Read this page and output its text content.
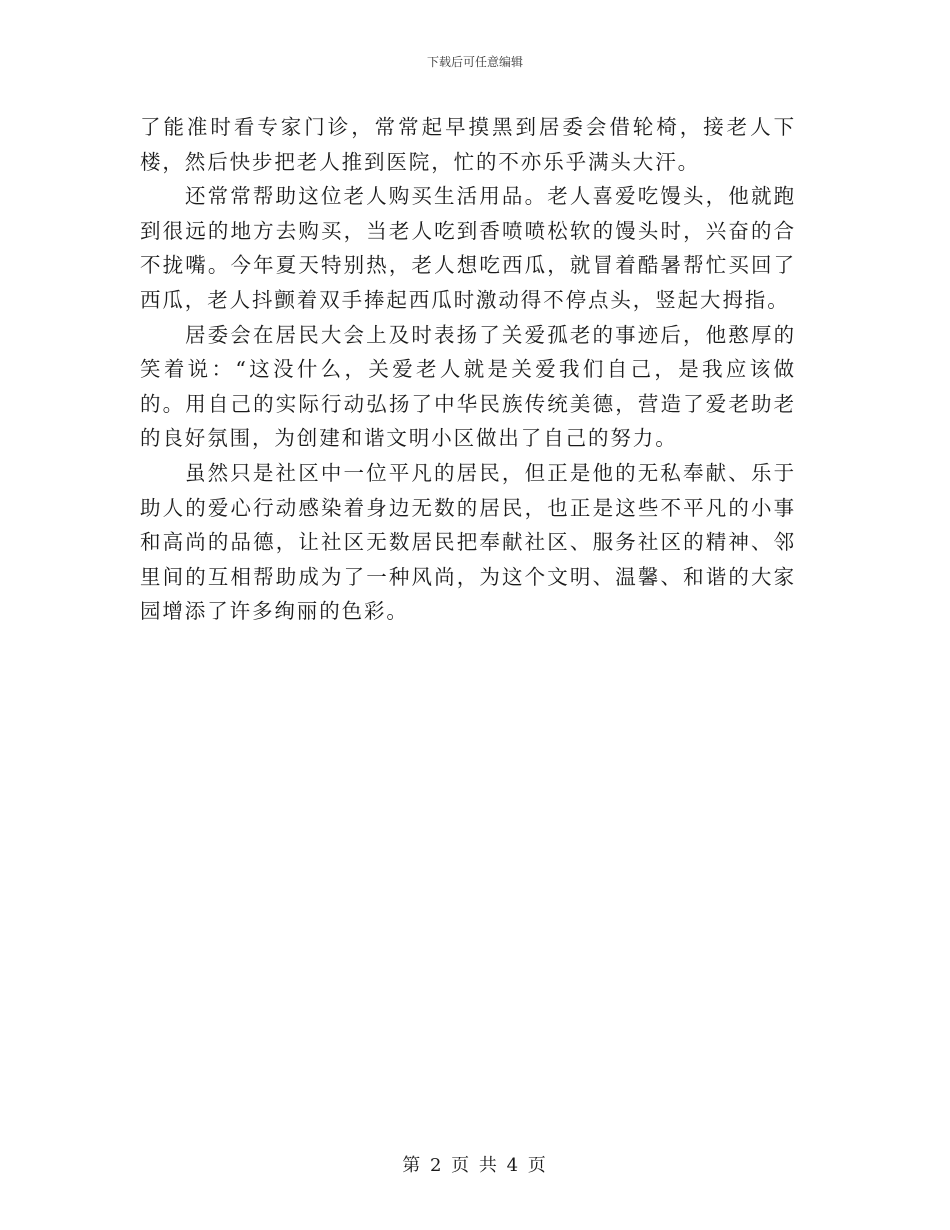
下载后可任意编辑

了能准时看专家门诊，常常起早摸黑到居委会借轮椅，接老人下楼，然后快步把老人推到医院，忙的不亦乐乎满头大汗。

还常常帮助这位老人购买生活用品。老人喜爱吃馒头，他就跑到很远的地方去购买，当老人吃到香喷喷松软的馒头时，兴奋的合不拢嘴。今年夏天特别热，老人想吃西瓜，就冒着酷暑帮忙买回了西瓜，老人抖颤着双手捧起西瓜时激动得不停点头，竖起大拇指。

居委会在居民大会上及时表扬了关爱孤老的事迹后，他憨厚的笑着说：“这没什么，关爱老人就是关爱我们自己，是我应该做的。用自己的实际行动弘扬了中华民族传统美德，营造了爱老助老的良好氛围，为创建和谐文明小区做出了自己的努力。

虽然只是社区中一位平凡的居民，但正是他的无私奉献、乐于助人的爱心行动感染着身边无数的居民，也正是这些不平凡的小事和高尚的品德，让社区无数居民把奉献社区、服务社区的精神、邻里间的互相帮助成为了一种风尚，为这个文明、温馨、和谐的大家园增添了许多绚丽的色彩。

第 2 页 共 4 页
